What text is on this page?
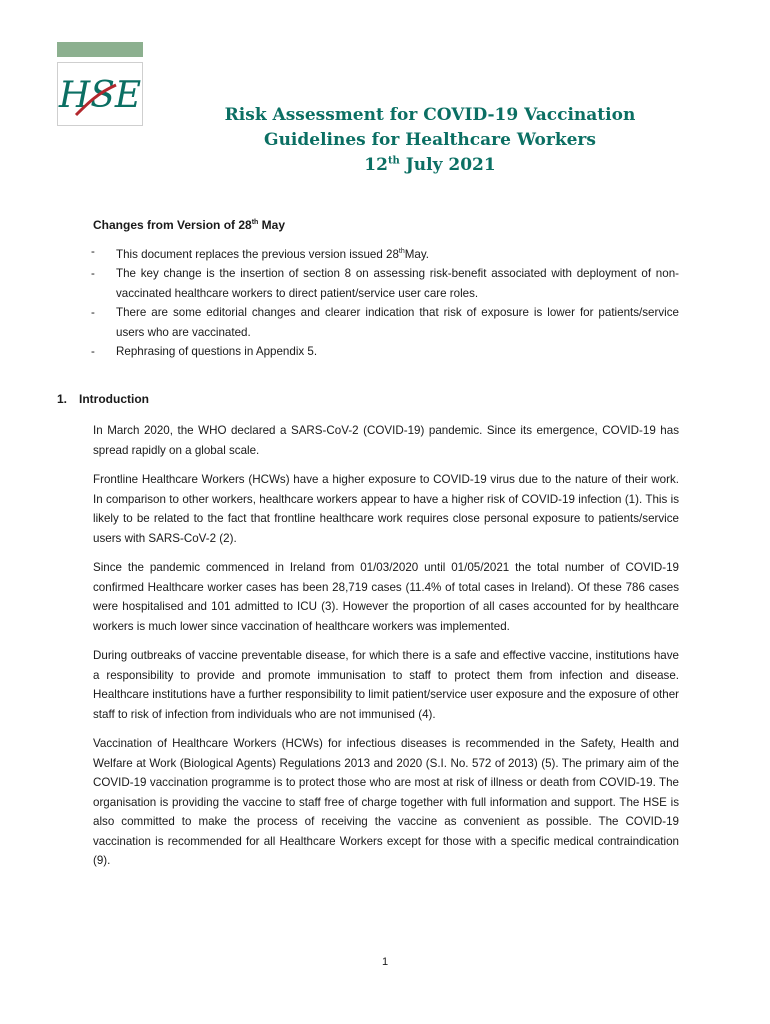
HSE	Risk Assessment for COVID-19 Vaccination
Guidelines for Healthcare Workers
12th July 2021
Changes from Version of 28th May
- This document replaces the previous version issued 28thMay.
- The key change is the insertion of section 8 on assessing risk-benefit associated with deployment of non-vaccinated healthcare workers to direct patient/service user care roles.
- There are some editorial changes and clearer indication that risk of exposure is lower for patients/service users who are vaccinated.
- Rephrasing of questions in Appendix 5.
1. Introduction

In March 2020, the WHO declared a SARS-CoV-2 (COVID-19) pandemic. Since its emergence, COVID-19 has spread rapidly on a global scale.

Frontline Healthcare Workers (HCWs) have a higher exposure to COVID-19 virus due to the nature of their work. In comparison to other workers, healthcare workers appear to have a higher risk of COVID-19 infection (1). This is likely to be related to the fact that frontline healthcare work requires close personal exposure to patients/service users with SARS-CoV-2 (2).

Since the pandemic commenced in Ireland from 01/03/2020 until 01/05/2021 the total number of COVID-19 confirmed Healthcare worker cases has been 28,719 cases (11.4% of total cases in Ireland). Of these 786 cases were hospitalised and 101 admitted to ICU (3). However the proportion of all cases accounted for by healthcare workers is much lower since vaccination of healthcare workers was implemented.

During outbreaks of vaccine preventable disease, for which there is a safe and effective vaccine, institutions have a responsibility to provide and promote immunisation to staff to protect them from infection and disease. Healthcare institutions have a further responsibility to limit patient/service user exposure and the exposure of other staff to risk of infection from individuals who are not immunised (4).

Vaccination of Healthcare Workers (HCWs) for infectious diseases is recommended in the Safety, Health and Welfare at Work (Biological Agents) Regulations 2013 and 2020 (S.I. No. 572 of 2013) (5). The primary aim of the COVID-19 vaccination programme is to protect those who are most at risk of illness or death from COVID-19. The organisation is providing the vaccine to staff free of charge together with full information and support. The HSE is also committed to make the process of receiving the vaccine as convenient as possible. The COVID-19 vaccination is recommended for all Healthcare Workers except for those with a specific medical contraindication (9).

1
